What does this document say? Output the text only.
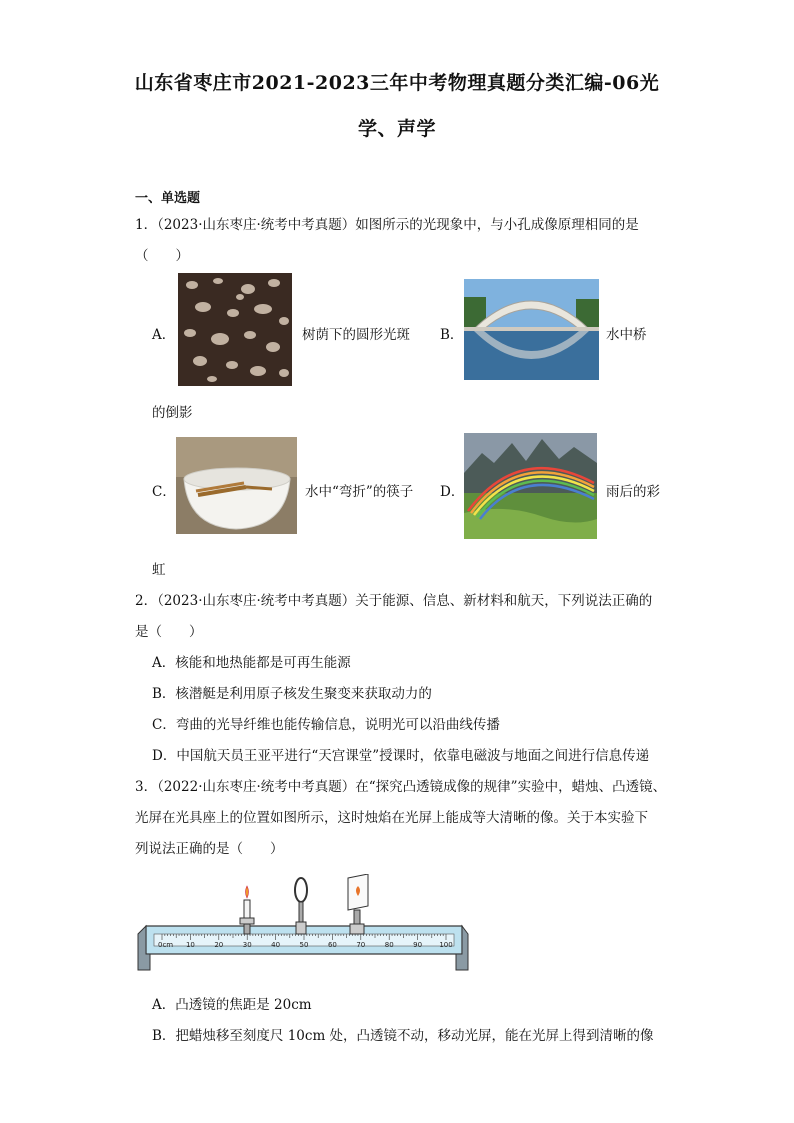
山东省枣庄市2021-2023三年中考物理真题分类汇编-06光
学、声学
一、单选题
1．（2023·山东枣庄·统考中考真题）如图所示的光现象中，与小孔成像原理相同的是
（　　）
A．	树荫下的圆形光斑 B．	水中桥
的倒影
C．	水中“弯折”的筷子 D．	雨后的彩
虹
2．（2023·山东枣庄·统考中考真题）关于能源、信息、新材料和航天，下列说法正确的
是（　　）
A．核能和地热能都是可再生能源
B．核潜艇是利用原子核发生聚变来获取动力的
C．弯曲的光导纤维也能传输信息，说明光可以沿曲线传播
D．中国航天员王亚平进行“天宫课堂”授课时，依靠电磁波与地面之间进行信息传递
3．（2022·山东枣庄·统考中考真题）在“探究凸透镜成像的规律”实验中，蜡烛、凸透镜、
光屏在光具座上的位置如图所示，这时烛焰在光屏上能成等大清晰的像。关于本实验下
列说法正确的是（　　）
0cm 10	20	30	40	50	60	70	80	90 100
A．凸透镜的焦距是 20cm
B．把蜡烛移至刻度尺 10cm 处，凸透镜不动，移动光屏，能在光屏上得到清晰的像
